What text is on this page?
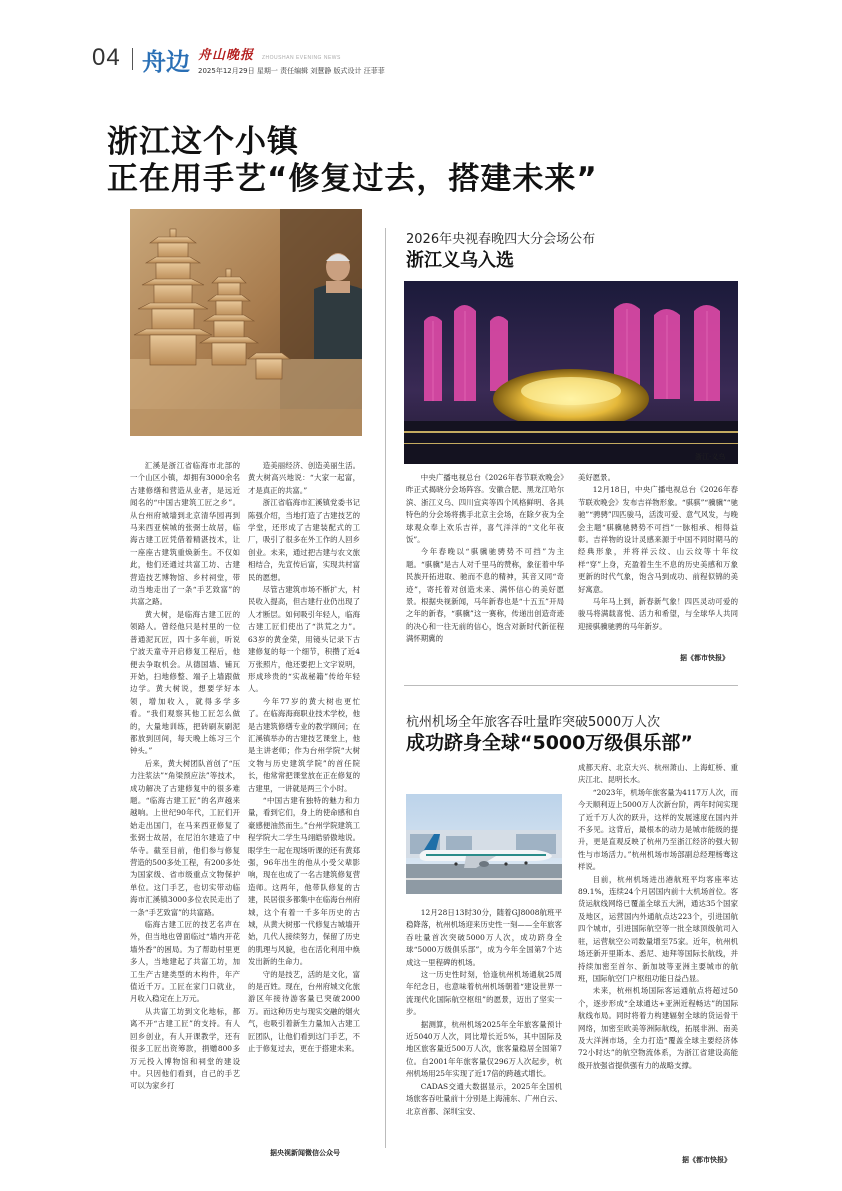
04 舟边 舟山晚报 ZHOUSHAN EVENING NEWS
2025年12月29日 星期一 责任编辑 刘慧静 版式设计 汪菲菲
浙江这个小镇
正在用手艺“修复过去，搭建未来”

汇溪是浙江省临海市北部的一个山区小镇，却拥有3000余名古建修缮和营造从业者，是远近闻名的“中国古建筑工匠之乡”。从台州府城墙到北京清华园再到马来西亚槟城的张弼士故居，临海古建工匠凭借着精湛技术，让一座座古建筑重焕新生。不仅如此，他们还通过共富工坊、古建营造技艺博物馆、乡村祠堂，带动当地走出了一条“手艺致富”的共富之路。

黄大树，是临海古建工匠的领路人。曾经他只是村里的一位普通泥瓦匠，四十多年前，听说宁波天童寺开启修复工程后，他便去争取机会。从德国墙、铺瓦开始，扫地修整、端子上墙跟做边学。黄大树说，想要学好本领，增加收入，就得多学多看。“我们观察其他工匠怎么做的，大量地训练，把砖刷灰刷泥都放到回间，每天晚上练习三个钟头。”

后来，黄大树团队首创了“压力注浆法”“角梁预应法”等技术，成功解决了古建修复中的很多难题。“临海古建工匠”的名声越来越响。上世纪90年代，工匠们开始走出国门，在马来西亚修复了张弼士故居，在尼泊尔建造了中华寺。截至目前，他们参与修复营造的500多处工程，有200多处为国家级、省市级重点文物保护单位。这门手艺，也切实带动临海市汇溪镇3000多位农民走出了一条“手艺致富”的共富路。

临海古建工匠的技艺名声在外，但当地也曾面临过“墙内开花墙外香”的困局。为了帮助村里更多人，当地建起了共富工坊，加工生产古建类型的木构件，年产值近千万。工匠在家门口就业，月收入稳定在上万元。

从共富工坊到文化地标，都离不开“古建工匠”的支持。有人回乡创业，有人开课教学，还有很多工匠出资筹款，捐赠800多万元投入博物馆和祠堂的建设中。只因他们看到，自己的手艺可以为家乡打

造美丽经济、创造美丽生活。黄大树高兴地说：“大家一起富，才是真正的共富。”

浙江省临海市汇溪镇党委书记陈强介绍，当地打造了古建技艺的学堂，还形成了古建装配式的工厂，吸引了很多在外工作的人回乡创业。未来，通过把古建与农文旅相结合，先宣传后富，实现共村富民的愿想。

尽管古建筑市场不断扩大，村民收入提高，但古建行业仍出现了人才断层。如何吸引年轻人，临海古建工匠们使出了“洪荒之力”。63岁的黄金荣，用镜头记录下古建修复的每一个细节，积攒了近4万张照片，他还要把上文字说明，形成珍贵的“实战秘籍”传给年轻人。

今年77岁的黄大树也更忙了。在临海海商职业技术学校，他是古建筑修缮专业的教学顾问；在汇溪镇举办的古建技艺课堂上，他是主讲老师；作为台州学院“大树文物与历史建筑学院”的首任院长，他常常把课堂放在正在修复的古建里，一讲就是两三个小时。

“中国古建有独特的魅力和力量，看到它们，身上的使命感和自豪感便油然而生。”台州学院建筑工程学院大二学生马翊皓骄傲地说。眼学生一起在现场听课的还有黄郑强，96年出生的他从小受父辈影响，现在也成了一名古建筑修复营造师。这两年，他带队修复的古建，民居很多都集中在临海台州府城，这个有着一千多年历史的古城，从黄大树那一代修复古城墙开始，几代人接续努力，保留了历史的肌理与风貌，也在活化利用中焕发出新的生命力。

守的是技艺，活的是文化，富的是百姓。现在，台州府城文化旅游区年接待游客量已突破2000万。而这种历史与现实交融的烟火气，也吸引着新生力量加入古建工匠团队，让他们看到这门手艺，不止于修复过去，更在于搭建未来。

据央视新闻微信公众号
2026年央视春晚四大分会场公布
浙江义乌入选
浙江·义乌

中央广播电视总台《2026年春节联欢晚会》昨正式揭晓分会场阵容。安徽合肥、黑龙江哈尔滨、浙江义乌、四川宜宾等四个风格鲜明、各具特色的分会场将携手北京主会场，在除夕夜为全球观众奉上欢乐吉祥，喜气洋洋的“文化年夜饭”。

今年春晚以“骐骥驰骋势不可挡”为主题。“骐骥”是古人对千里马的赞称，象征着中华民族开拓进取、驰而不息的精神，其音又同“奇迹”，寄托着对创造未来、满怀信心的美好愿景。根据央视新闻，马年新春也是“十五五”开局之年的新春，“骐骥”这一赛称，传递出创造奇迹的决心和一往无前的信心，饱含对新时代新征程满怀期冀的

美好愿景。

12月18日，中央广播电视总台《2026年春节联欢晚会》发布吉祥物形象。“骐骐”“骥骥”“驰驰”“骋骋”四匹骏马，活泼可爱、意气风发，与晚会主题“骐骥驰骋势不可挡”一脉相承、相得益彰。吉祥物的设计灵感来源于中国不同时期马的经典形象，并将祥云纹、山云纹等十年纹样“穿”上身，充盈着生生不息的历史美感和万象更新的时代气象，饱含马到成功、前程似锦的美好寓意。

马年马上到，新春新气象！四匹灵动可爱的骏马将满载喜悦、活力和希望，与全球华人共同迎接骐骥驰骋的马年新岁。

据《都市快报》
杭州机场全年旅客吞吐量昨突破5000万人次
成功跻身全球“5000万级俱乐部”

12月28日13时30分，随着GJ8008航班平稳降落，杭州机场迎来历史性一刻——全年旅客吞吐量首次突破5000万人次，成功跻身全球“5000万级俱乐部”，成为今年全国第7个达成这一里程碑的机场。

这一历史性时刻，恰逢杭州机场通航25周年纪念日，也意味着杭州机场朝着“建设世界一流现代化国际航空枢纽”的愿景，迈出了坚实一步。

据测算，杭州机场2025年全年旅客量预计近5040万人次，同比增长近5%，其中国际及地区旅客量近500万人次，旅客量稳居全国第7位。自2001年年旅客量仅296万人次起步，杭州机场用25年实现了近17倍的跨越式增长。

CADAS交通大数据显示，2025年全国机场旅客吞吐量前十分别是上海浦东、广州白云、北京首都、深圳宝安、

成都天府、北京大兴、杭州萧山、上海虹桥、重庆江北、昆明长水。

“2023年，机场年旅客量为4117万人次，而今天顺利迈上5000万人次新台阶，两年时间实现了近千万人次的跃升，这样的发展速度在国内并不多见。这背后，最根本的动力是城市能级的提升，更是直观反映了杭州乃至浙江经济的强大韧性与市场活力。”杭州机场市场部副总经理杨骞这样说。

目前，杭州机场进出港航班平均客座率达89.1%，连续24个月居国内前十大机场首位。客货运航线网络已覆盖全球五大洲，通达35个国家及地区，运营国内外通航点达223个，引进国航四个城市，引进国际航空等一批全球顶级航司入驻，运营航空公司数量增至75家。近年，杭州机场还新开里斯本、悉尼、迪拜等国际长航线，并持续加密至首尔、新加坡等亚洲主要城市的航班，国际航空门户枢纽功能日益凸显。

未来，杭州机场国际客运通航点将超过50个，逐步形成“全球通达+亚洲近程畅达”的国际航线布局。同时将着力构建辐射全球的货运骨干网络，加密至欧美等洲际航线，拓展非洲、南美及大洋洲市场，全力打造“覆盖全球主要经济体72小时达”的航空物流体系，为浙江省建设高能级开放强省提供强有力的战略支撑。

据《都市快报》
